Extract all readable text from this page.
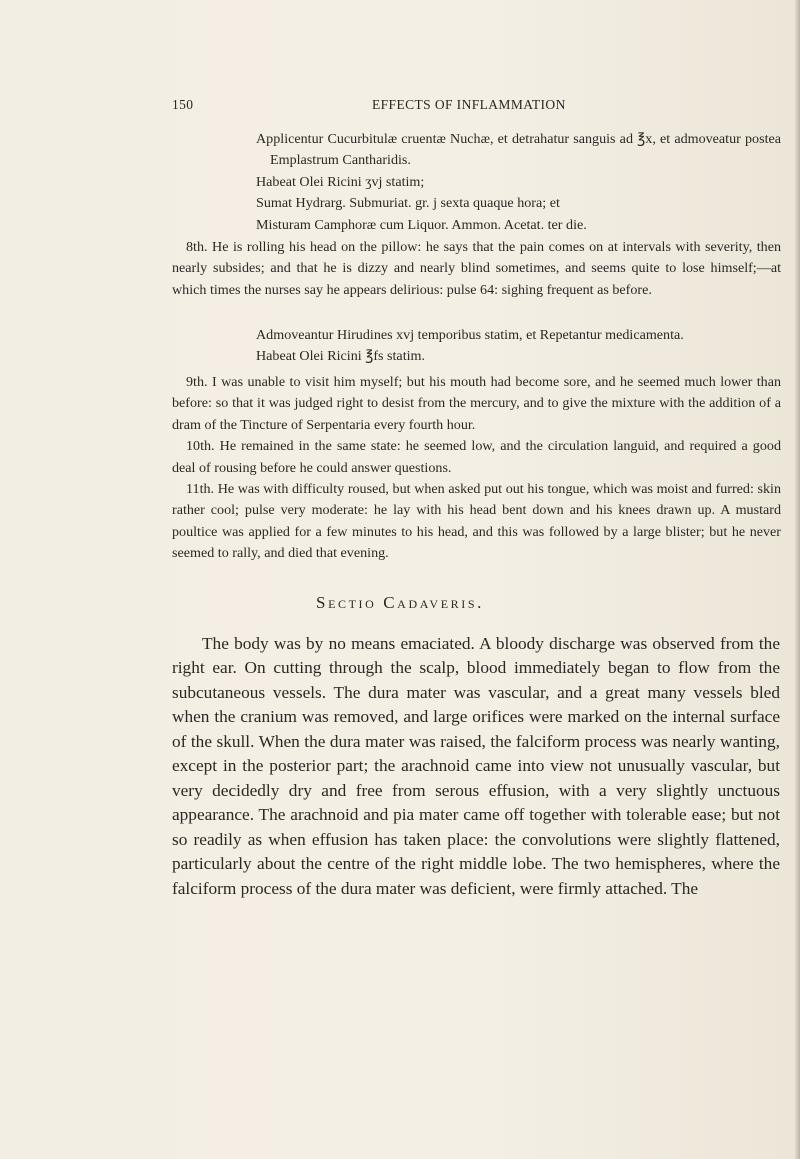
150	EFFECTS OF INFLAMMATION

Applicentur Cucurbitulæ cruentæ Nuchæ, et detrahatur sanguis ad ℥x, et admoveatur postea Emplastrum Cantharidis.

Habeat Olei Ricini ʒvj statim;

Sumat Hydrarg. Submuriat. gr. j sexta quaque hora; et

Misturam Camphoræ cum Liquor. Ammon. Acetat. ter die.

8th. He is rolling his head on the pillow: he says that the pain comes on at intervals with severity, then nearly subsides; and that he is dizzy and nearly blind sometimes, and seems quite to lose himself;—at which times the nurses say he appears delirious: pulse 64: sighing frequent as before.

Admoveantur Hirudines xvj temporibus statim, et Repetantur medicamenta.

Habeat Olei Ricini ℥fs statim.

9th. I was unable to visit him myself; but his mouth had become sore, and he seemed much lower than before: so that it was judged right to desist from the mercury, and to give the mixture with the addition of a dram of the Tincture of Serpentaria every fourth hour.

10th. He remained in the same state: he seemed low, and the circulation languid, and required a good deal of rousing before he could answer questions.

11th. He was with difficulty roused, but when asked put out his tongue, which was moist and furred: skin rather cool; pulse very moderate: he lay with his head bent down and his knees drawn up. A mustard poultice was applied for a few minutes to his head, and this was followed by a large blister; but he never seemed to rally, and died that evening.

Sectio Cadaveris.

The body was by no means emaciated. A bloody discharge was observed from the right ear. On cutting through the scalp, blood immediately began to flow from the subcutaneous vessels. The dura mater was vascular, and a great many vessels bled when the cranium was removed, and large orifices were marked on the internal surface of the skull. When the dura mater was raised, the falciform process was nearly wanting, except in the posterior part; the arachnoid came into view not unusually vascular, but very decidedly dry and free from serous effusion, with a very slightly unctuous appearance. The arachnoid and pia mater came off together with tolerable ease; but not so readily as when effusion has taken place: the convolutions were slightly flattened, particularly about the centre of the right middle lobe. The two hemispheres, where the falciform process of the dura mater was deficient, were firmly attached. The
